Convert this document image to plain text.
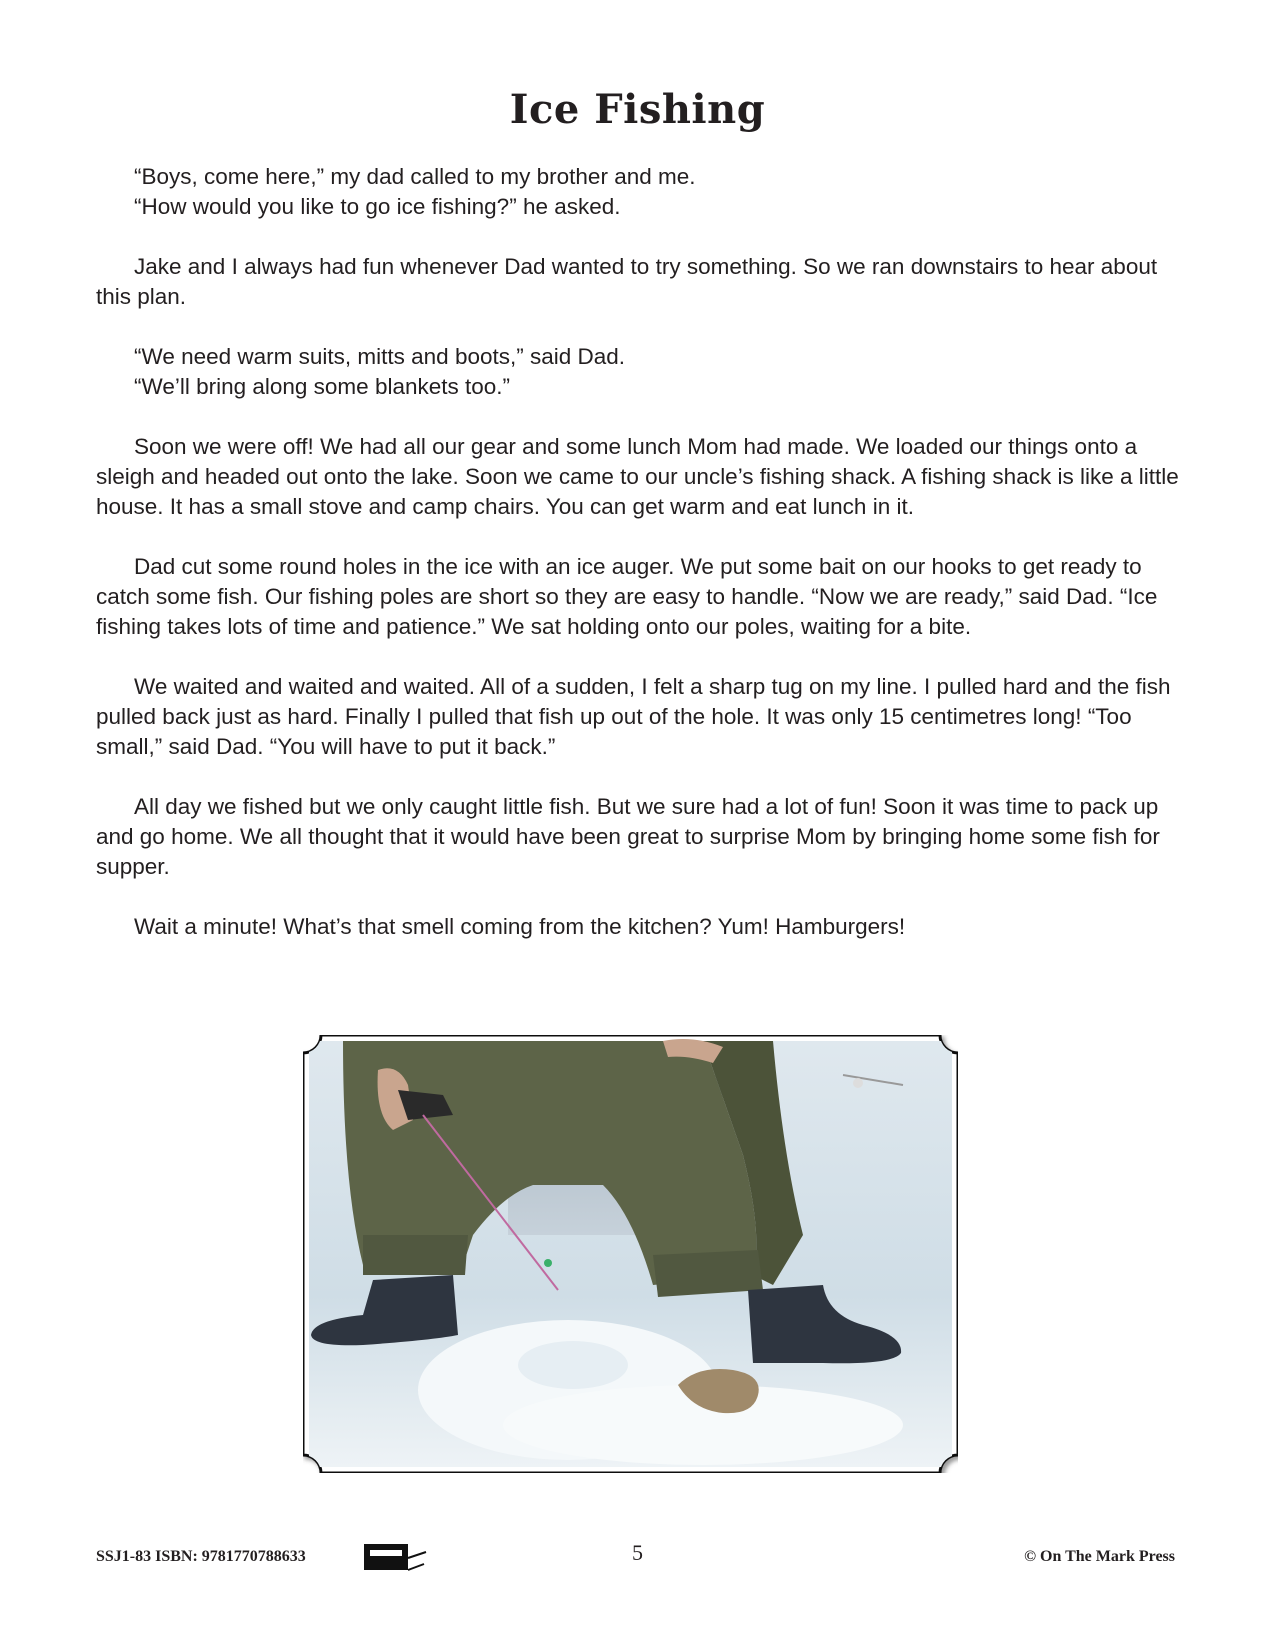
Ice Fishing

“Boys, come here,” my dad called to my brother and me.

“How would you like to go ice fishing?” he asked.

Jake and I always had fun whenever Dad wanted to try something. So we ran downstairs to hear about this plan.

“We need warm suits, mitts and boots,” said Dad.

“We’ll bring along some blankets too.”

Soon we were off! We had all our gear and some lunch Mom had made. We loaded our things onto a sleigh and headed out onto the lake. Soon we came to our uncle’s fishing shack. A fishing shack is like a little house. It has a small stove and camp chairs. You can get warm and eat lunch in it.

Dad cut some round holes in the ice with an ice auger. We put some bait on our hooks to get ready to catch some fish. Our fishing poles are short so they are easy to handle. “Now we are ready,” said Dad. “Ice fishing takes lots of time and patience.” We sat holding onto our poles, waiting for a bite.

We waited and waited and waited. All of a sudden, I felt a sharp tug on my line. I pulled hard and the fish pulled back just as hard. Finally I pulled that fish up out of the hole. It was only 15 centimetres long! “Too small,” said Dad. “You will have to put it back.”

All day we fished but we only caught little fish. But we sure had a lot of fun! Soon it was time to pack up and go home. We all thought that it would have been great to surprise Mom by bringing home some fish for supper.

Wait a minute! What’s that smell coming from the kitchen? Yum! Hamburgers!

SSJ1-83 ISBN: 9781770788633	5	© On The Mark Press
